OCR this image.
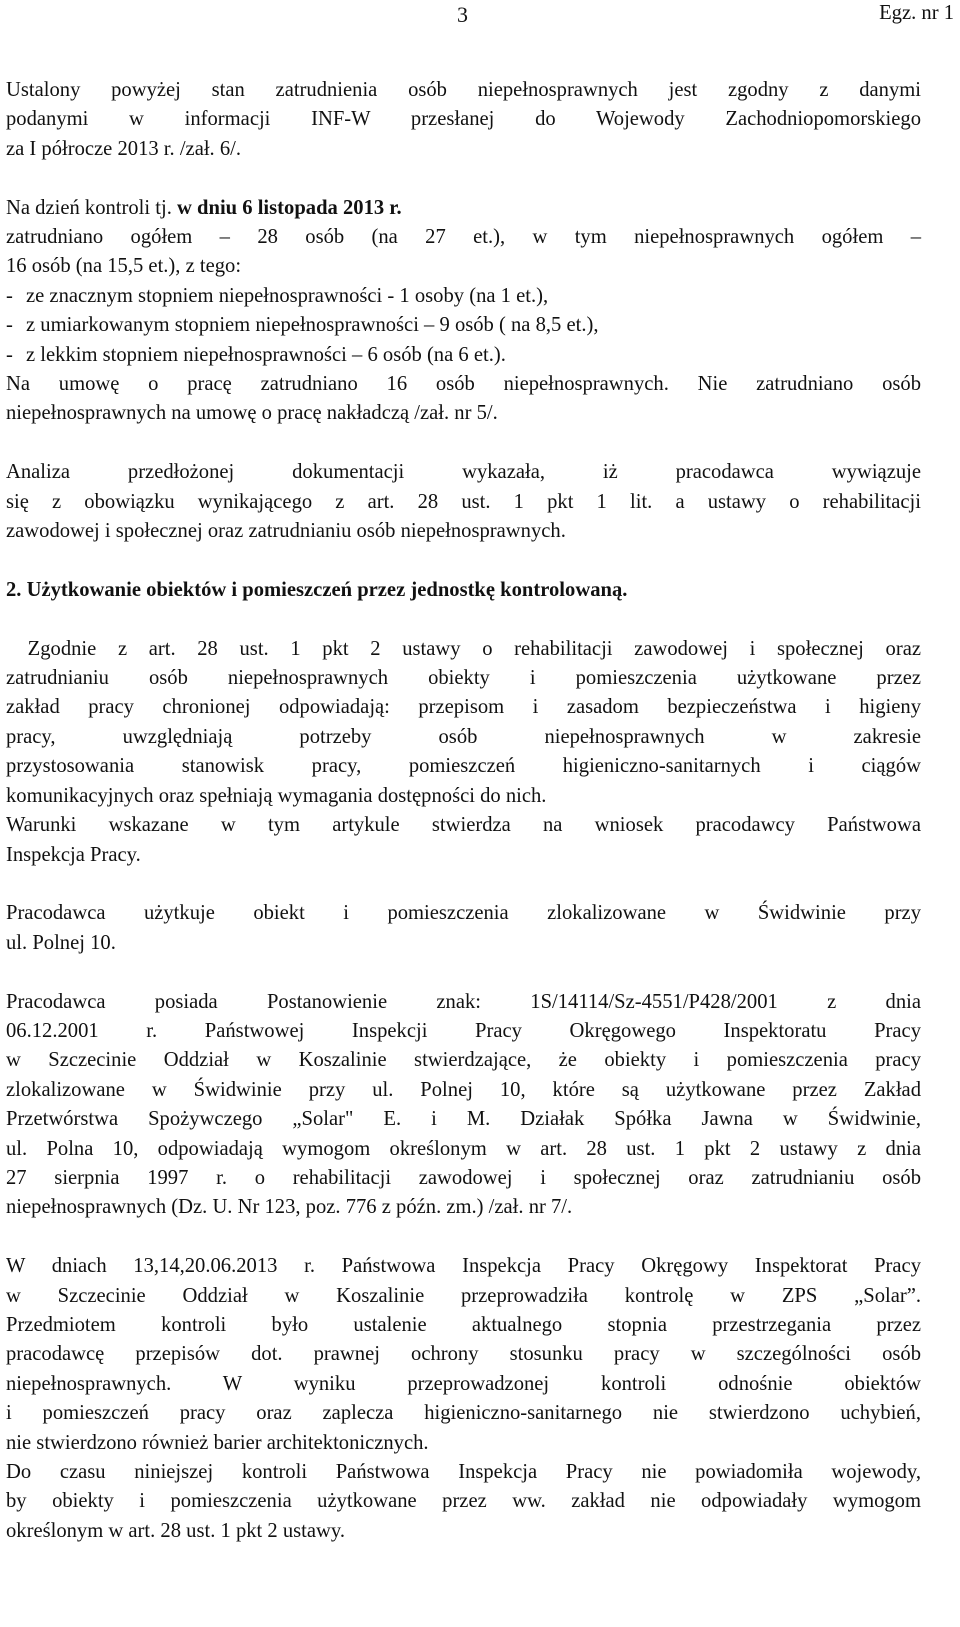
3	Egz. nr 1

Ustalony powyżej stan zatrudnienia osób niepełnosprawnych jest zgodny z danymi

podanymi w informacji INF-W przesłanej do Wojewody Zachodniopomorskiego

za I półrocze 2013 r. /zał. 6/.

Na dzień kontroli tj. w dniu 6 listopada 2013 r.

zatrudniano ogółem – 28 osób (na 27 et.), w tym niepełnosprawnych ogółem –

16 osób (na 15,5 et.), z tego:

- ze znacznym stopniem niepełnosprawności - 1 osoby (na 1 et.),
- z umiarkowanym stopniem niepełnosprawności – 9 osób ( na 8,5 et.),
- z lekkim stopniem niepełnosprawności – 6 osób (na 6 et.).

Na umowę o pracę zatrudniano 16 osób niepełnosprawnych. Nie zatrudniano osób

niepełnosprawnych na umowę o pracę nakładczą /zał. nr 5/.

Analiza przedłożonej dokumentacji wykazała, iż pracodawca wywiązuje

się z obowiązku wynikającego z art. 28 ust. 1 pkt 1 lit. a ustawy o rehabilitacji

zawodowej i społecznej oraz zatrudnianiu osób niepełnosprawnych.

2. Użytkowanie obiektów i pomieszczeń przez jednostkę kontrolowaną.

Zgodnie z art. 28 ust. 1 pkt 2 ustawy o rehabilitacji zawodowej i społecznej oraz

zatrudnianiu osób niepełnosprawnych obiekty i pomieszczenia użytkowane przez

zakład pracy chronionej odpowiadają: przepisom i zasadom bezpieczeństwa i higieny

pracy, uwzględniają potrzeby osób niepełnosprawnych w zakresie

przystosowania stanowisk pracy, pomieszczeń higieniczno-sanitarnych i ciągów

komunikacyjnych oraz spełniają wymagania dostępności do nich.

Warunki wskazane w tym artykule stwierdza na wniosek pracodawcy Państwowa

Inspekcja Pracy.

Pracodawca użytkuje obiekt i pomieszczenia zlokalizowane w Świdwinie przy

ul. Polnej 10.

Pracodawca posiada Postanowienie znak: 1S/14114/Sz-4551/P428/2001 z dnia

06.12.2001 r. Państwowej Inspekcji Pracy Okręgowego Inspektoratu Pracy

w Szczecinie Oddział w Koszalinie stwierdzające, że obiekty i pomieszczenia pracy

zlokalizowane w Świdwinie przy ul. Polnej 10, które są użytkowane przez Zakład

Przetwórstwa Spożywczego „Solar" E. i M. Działak Spółka Jawna w Świdwinie,

ul. Polna 10, odpowiadają wymogom określonym w art. 28 ust. 1 pkt 2 ustawy z dnia

27 sierpnia 1997 r. o rehabilitacji zawodowej i społecznej oraz zatrudnianiu osób

niepełnosprawnych (Dz. U. Nr 123, poz. 776 z późn. zm.) /zał. nr 7/.

W dniach 13,14,20.06.2013 r. Państwowa Inspekcja Pracy Okręgowy Inspektorat Pracy

w Szczecinie Oddział w Koszalinie przeprowadziła kontrolę w ZPS „Solar”.

Przedmiotem kontroli było ustalenie aktualnego stopnia przestrzegania przez

pracodawcę przepisów dot. prawnej ochrony stosunku pracy w szczególności osób

niepełnosprawnych. W wyniku przeprowadzonej kontroli odnośnie obiektów

i pomieszczeń pracy oraz zaplecza higieniczno-sanitarnego nie stwierdzono uchybień,

nie stwierdzono również barier architektonicznych.

Do czasu niniejszej kontroli Państwowa Inspekcja Pracy nie powiadomiła wojewody,

by obiekty i pomieszczenia użytkowane przez ww. zakład nie odpowiadały wymogom

określonym w art. 28 ust. 1 pkt 2 ustawy.
